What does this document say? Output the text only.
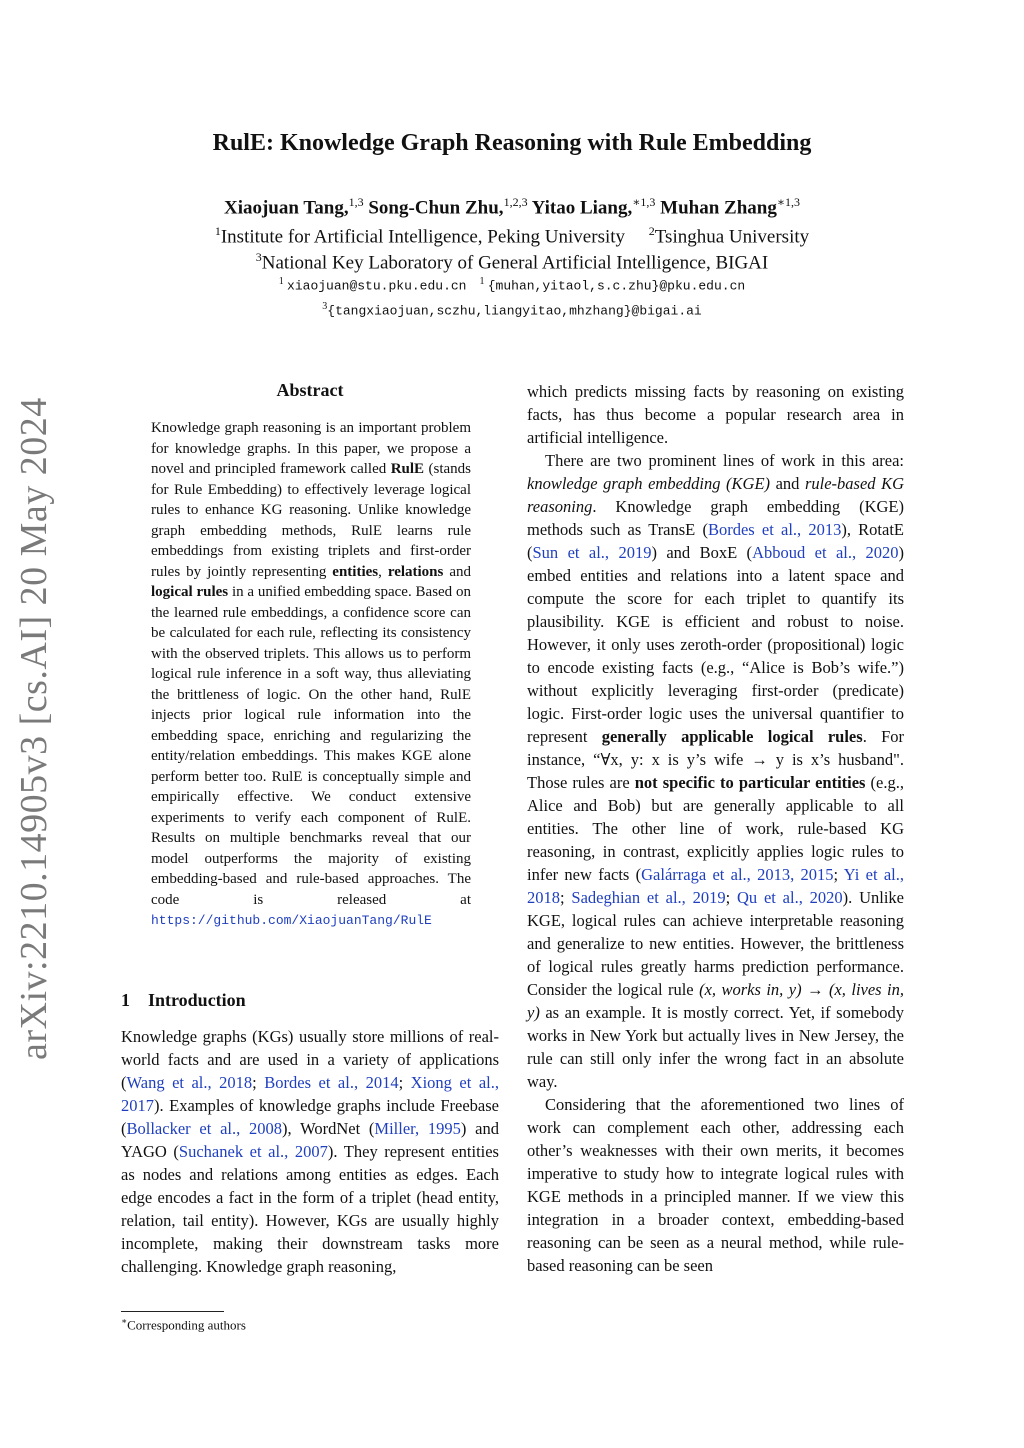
arXiv:2210.14905v3 [cs.AI] 20 May 2024
RulE: Knowledge Graph Reasoning with Rule Embedding
Xiaojuan Tang,$^{1,3}$ Song-Chun Zhu,$^{1,2,3}$ Yitao Liang,$^{∗1,3}$ Muhan Zhang$^{∗1,3}$
$^1$Institute for Artificial Intelligence, Peking University $^2$Tsinghua University
$^3$National Key Laboratory of General Artificial Intelligence, BIGAI
$^1$ xiaojuan@stu.pku.edu.cn $^1$ {muhan,yitaol,s.c.zhu}@pku.edu.cn
$^3${tangxiaojuan,sczhu,liangyitao,mhzhang}@bigai.ai
Abstract
Knowledge graph reasoning is an important problem for knowledge graphs. In this paper, we propose a novel and principled framework called RulE (stands for Rule Embedding) to effectively leverage logical rules to enhance KG reasoning. Unlike knowledge graph embedding methods, RulE learns rule embeddings from existing triplets and first-order rules by jointly representing entities, relations and logical rules in a unified embedding space. Based on the learned rule embeddings, a confidence score can be calculated for each rule, reflecting its consistency with the observed triplets. This allows us to perform logical rule inference in a soft way, thus alleviating the brittleness of logic. On the other hand, RulE injects prior logical rule information into the embedding space, enriching and regularizing the entity/relation embeddings. This makes KGE alone perform better too. RulE is conceptually simple and empirically effective. We conduct extensive experiments to verify each component of RulE. Results on multiple benchmarks reveal that our model outperforms the majority of existing embedding-based and rule-based approaches. The code is released at https://github.com/XiaojuanTang/RulE
1 Introduction
Knowledge graphs (KGs) usually store millions of real-world facts and are used in a variety of applications (Wang et al., 2018; Bordes et al., 2014; Xiong et al., 2017). Examples of knowledge graphs include Freebase (Bollacker et al., 2008), WordNet (Miller, 1995) and YAGO (Suchanek et al., 2007). They represent entities as nodes and relations among entities as edges. Each edge encodes a fact in the form of a triplet (head entity, relation, tail entity). However, KGs are usually highly incomplete, making their downstream tasks more challenging. Knowledge graph reasoning,
∗Corresponding authors

which predicts missing facts by reasoning on existing facts, has thus become a popular research area in artificial intelligence.

There are two prominent lines of work in this area: knowledge graph embedding (KGE) and rule-based KG reasoning. Knowledge graph embedding (KGE) methods such as TransE (Bordes et al., 2013), RotatE (Sun et al., 2019) and BoxE (Abboud et al., 2020) embed entities and relations into a latent space and compute the score for each triplet to quantify its plausibility. KGE is efficient and robust to noise. However, it only uses zeroth-order (propositional) logic to encode existing facts (e.g., “Alice is Bob’s wife.”) without explicitly leveraging first-order (predicate) logic. First-order logic uses the universal quantifier to represent generally applicable logical rules. For instance, “∀x, y: x is y’s wife → y is x’s husband". Those rules are not specific to particular entities (e.g., Alice and Bob) but are generally applicable to all entities. The other line of work, rule-based KG reasoning, in contrast, explicitly applies logic rules to infer new facts (Galárraga et al., 2013, 2015; Yi et al., 2018; Sadeghian et al., 2019; Qu et al., 2020). Unlike KGE, logical rules can achieve interpretable reasoning and generalize to new entities. However, the brittleness of logical rules greatly harms prediction performance. Consider the logical rule (x, works in, y) → (x, lives in, y) as an example. It is mostly correct. Yet, if somebody works in New York but actually lives in New Jersey, the rule can still only infer the wrong fact in an absolute way.

Considering that the aforementioned two lines of work can complement each other, addressing each other’s weaknesses with their own merits, it becomes imperative to study how to integrate logical rules with KGE methods in a principled manner. If we view this integration in a broader context, embedding-based reasoning can be seen as a neural method, while rule-based reasoning can be seen
